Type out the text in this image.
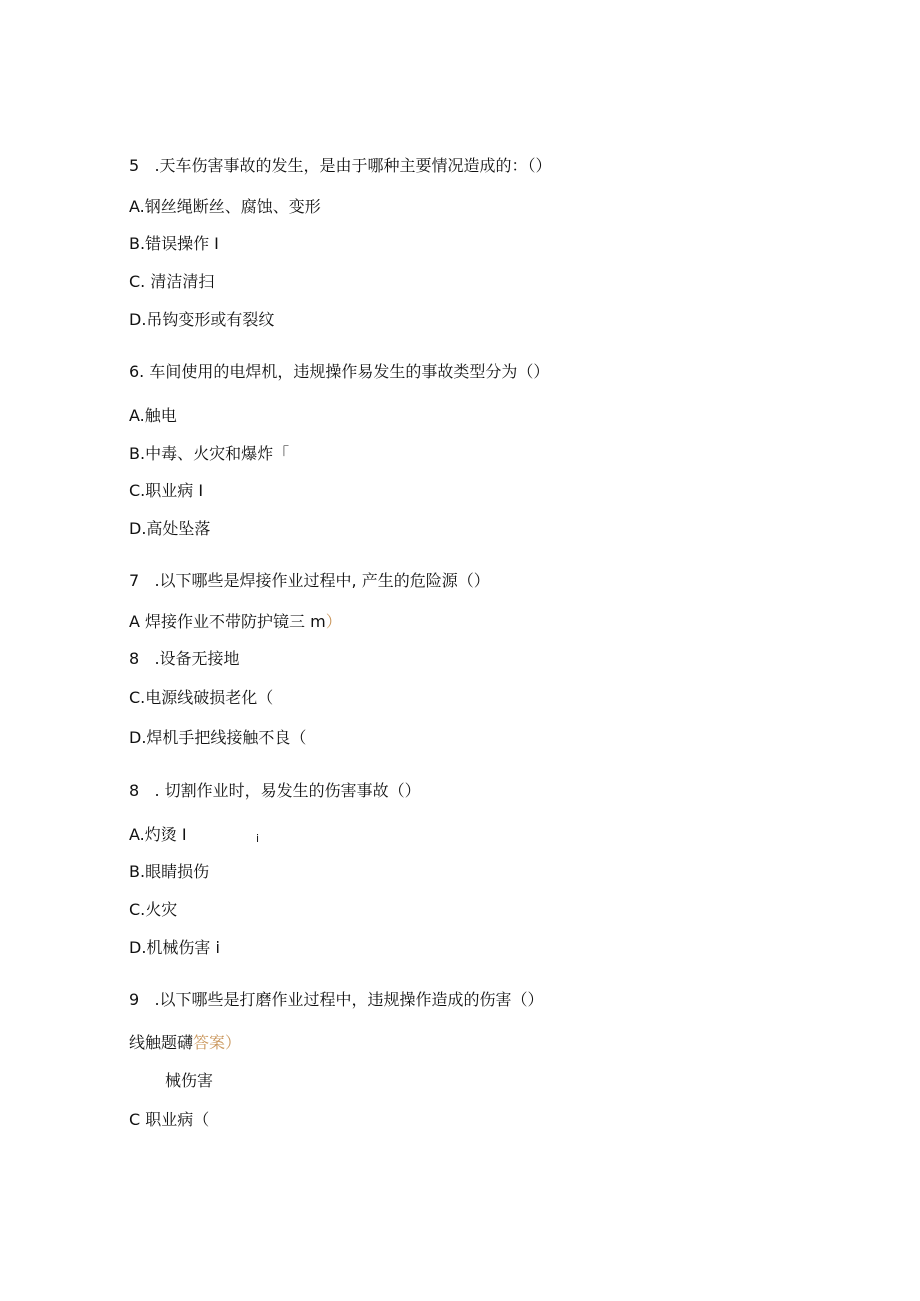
5   .天车伤害事故的发生，是由于哪种主要情况造成的：（）
A.钢丝绳断丝、腐蚀、变形
B.错误操作 I
C. 清洁清扫
D.吊钩变形或有裂纹
6. 车间使用的电焊机，违规操作易发生的事故类型分为（）
A.触电
B.中毒、火灾和爆炸「
C.职业病 I
D.高处坠落
7   .以下哪些是焊接作业过程中, 产生的危险源（）
A 焊接作业不带防护镜三 m）
8   .设备无接地
C.电源线破损老化（
D.焊机手把线接触不良（
8   . 切割作业时，易发生的伤害事故（）
A.灼烫 I	i
B.眼睛损伤
C.火灾
D.机械伤害 i
9   .以下哪些是打磨作业过程中，违规操作造成的伤害（）
线触题礴答案）
械伤害
C 职业病（
